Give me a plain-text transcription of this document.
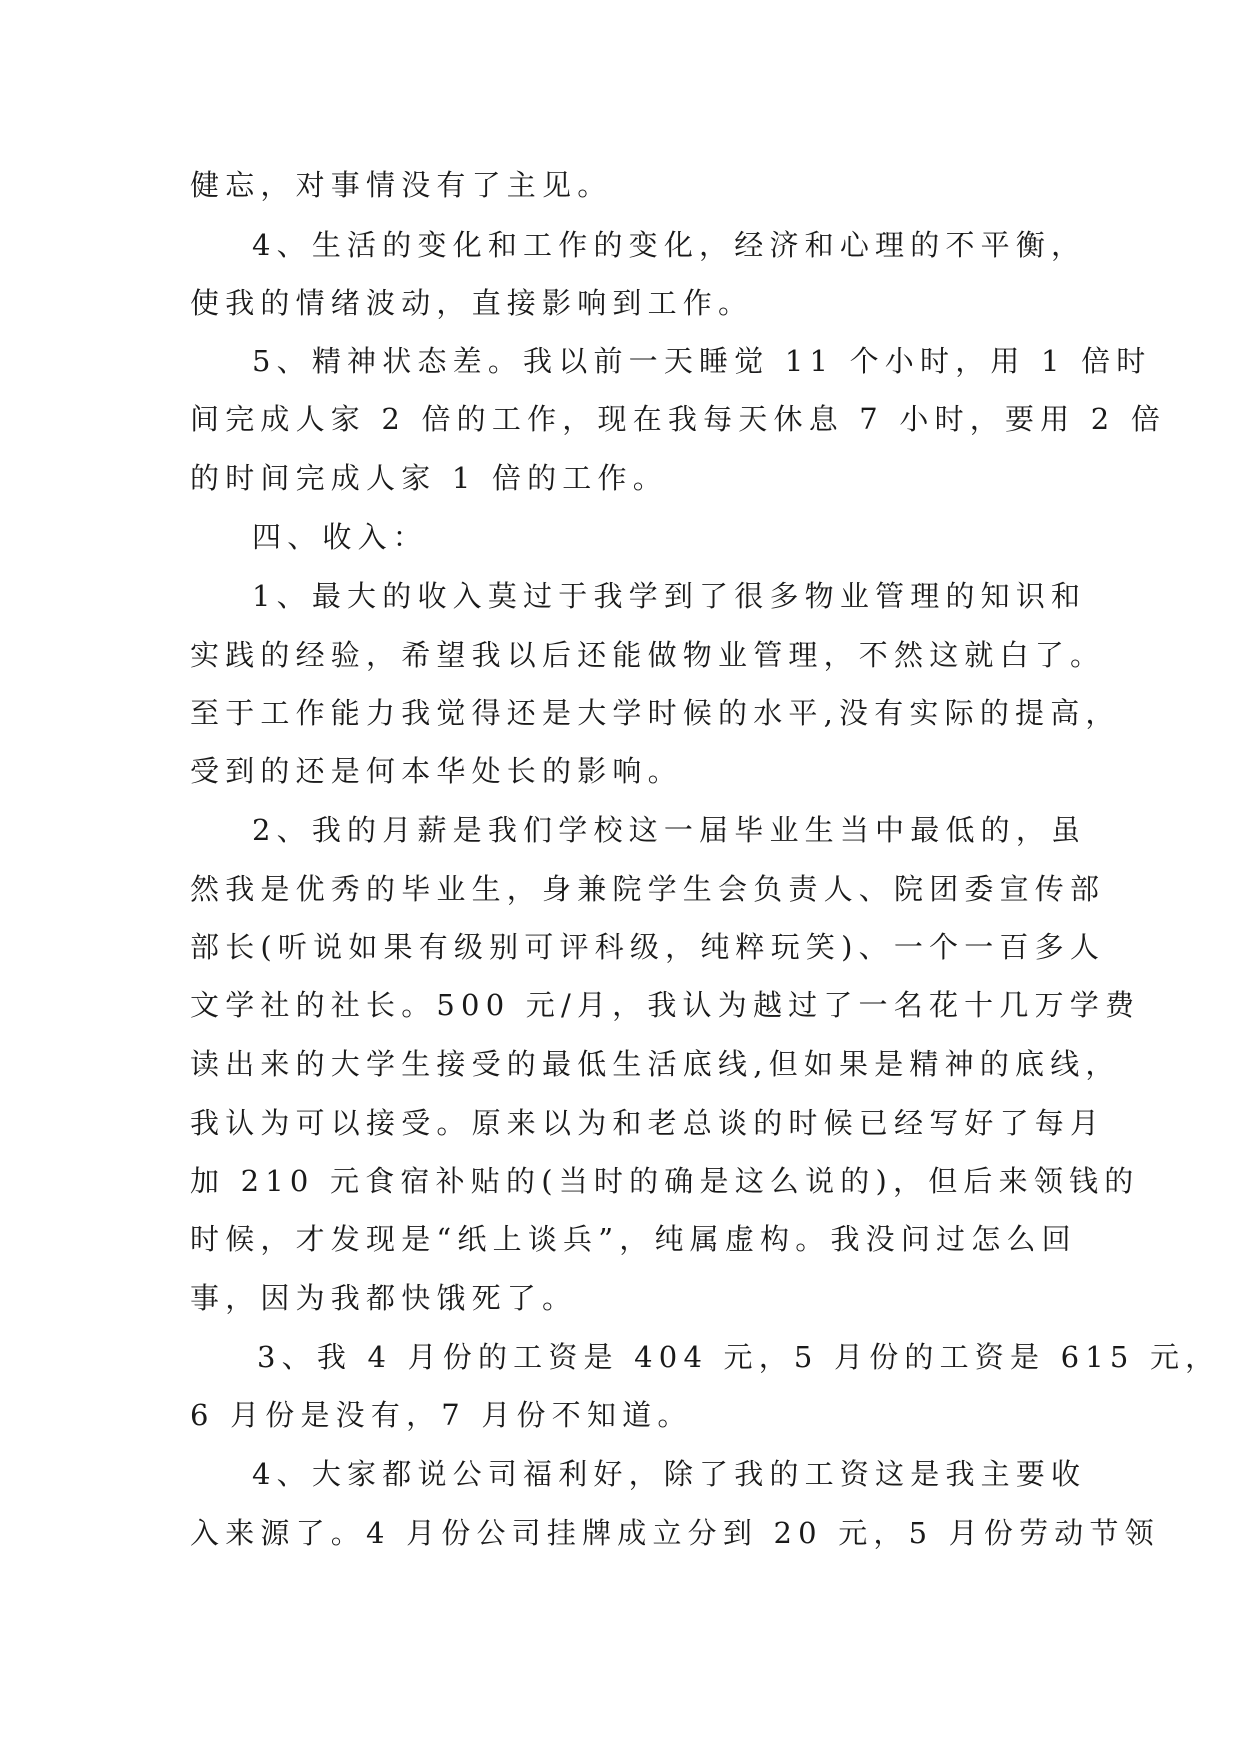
健忘，对事情没有了主见。
4、生活的变化和工作的变化，经济和心理的不平衡，
使我的情绪波动，直接影响到工作。
5、精神状态差。我以前一天睡觉 11 个小时，用 1 倍时
间完成人家 2 倍的工作，现在我每天休息 7 小时，要用 2 倍
的时间完成人家 1 倍的工作。
四、收入：
1、最大的收入莫过于我学到了很多物业管理的知识和
实践的经验，希望我以后还能做物业管理，不然这就白了。
至于工作能力我觉得还是大学时候的水平,没有实际的提高，
受到的还是何本华处长的影响。
2、我的月薪是我们学校这一届毕业生当中最低的，虽
然我是优秀的毕业生，身兼院学生会负责人、院团委宣传部
部长(听说如果有级别可评科级，纯粹玩笑)、一个一百多人
文学社的社长。500 元/月，我认为越过了一名花十几万学费
读出来的大学生接受的最低生活底线,但如果是精神的底线，
我认为可以接受。原来以为和老总谈的时候已经写好了每月
加 210 元食宿补贴的(当时的确是这么说的)，但后来领钱的
时候，才发现是“纸上谈兵”，纯属虚构。我没问过怎么回
事，因为我都快饿死了。
3、我 4 月份的工资是 404 元，5 月份的工资是 615 元，
6 月份是没有，7 月份不知道。
4、大家都说公司福利好，除了我的工资这是我主要收
入来源了。4 月份公司挂牌成立分到 20 元，5 月份劳动节领
